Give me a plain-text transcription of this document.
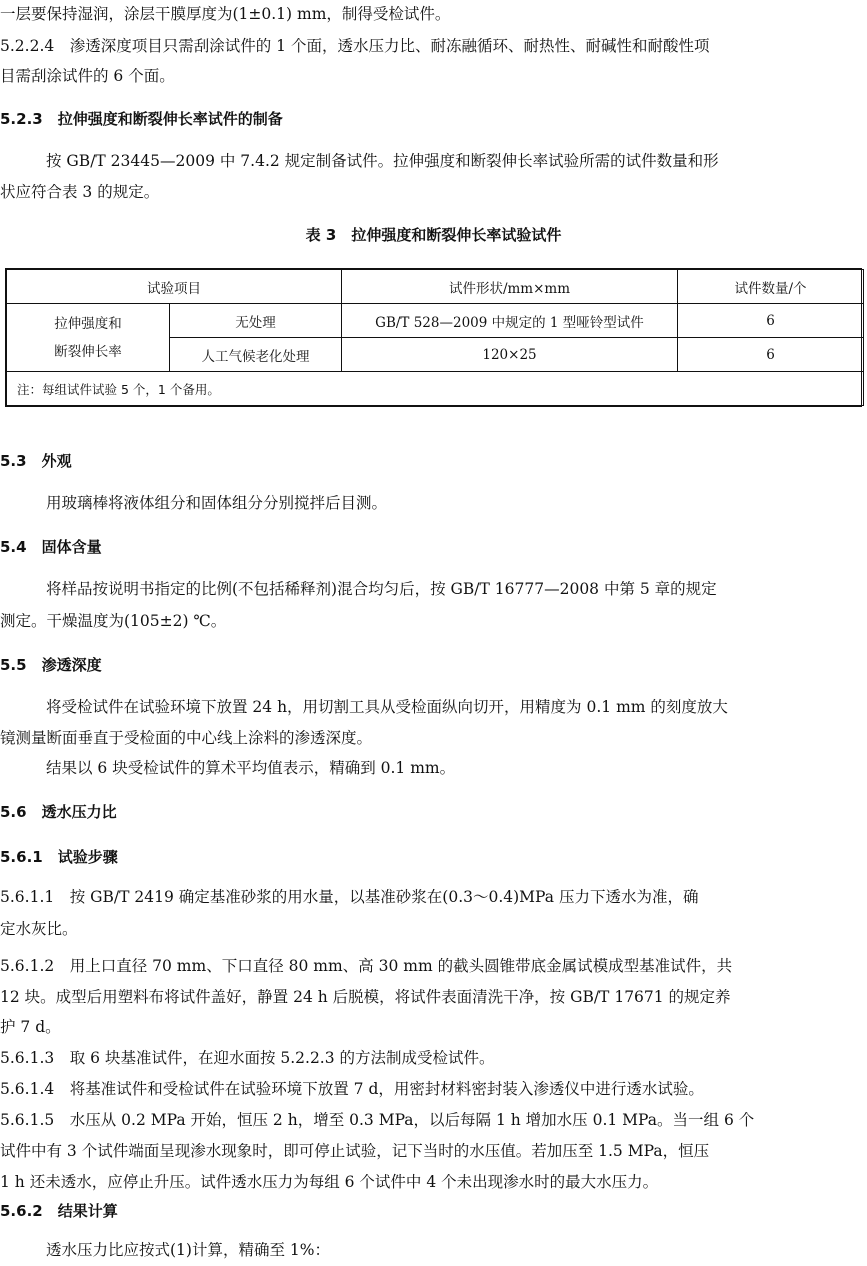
一层要保持湿润，涂层干膜厚度为(1±0.1) mm，制得受检试件。
5.2.2.4　渗透深度项目只需刮涂试件的 1 个面，透水压力比、耐冻融循环、耐热性、耐碱性和耐酸性项
目需刮涂试件的 6 个面。
5.2.3　拉伸强度和断裂伸长率试件的制备
按 GB/T 23445—2009 中 7.4.2 规定制备试件。拉伸强度和断裂伸长率试验所需的试件数量和形
状应符合表 3 的规定。
表 3　拉伸强度和断裂伸长率试验试件
试验项目		试件形状/mm×mm	试件数量/个

拉伸强度和
断裂伸长率	无处理	GB/T 528—2009 中规定的 1 型哑铃型试件	6
	人工气候老化处理	120×25	6
注：每组试件试验 5 个，1 个备用。			
5.3　外观
用玻璃棒将液体组分和固体组分分别搅拌后目测。
5.4　固体含量
将样品按说明书指定的比例(不包括稀释剂)混合均匀后，按 GB/T 16777—2008 中第 5 章的规定
测定。干燥温度为(105±2) ℃。
5.5　渗透深度
将受检试件在试验环境下放置 24 h，用切割工具从受检面纵向切开，用精度为 0.1 mm 的刻度放大
镜测量断面垂直于受检面的中心线上涂料的渗透深度。
结果以 6 块受检试件的算术平均值表示，精确到 0.1 mm。
5.6　透水压力比
5.6.1　试验步骤
5.6.1.1　按 GB/T 2419 确定基准砂浆的用水量，以基准砂浆在(0.3～0.4)MPa 压力下透水为准，确
定水灰比。
5.6.1.2　用上口直径 70 mm、下口直径 80 mm、高 30 mm 的截头圆锥带底金属试模成型基准试件，共
12 块。成型后用塑料布将试件盖好，静置 24 h 后脱模，将试件表面清洗干净，按 GB/T 17671 的规定养
护 7 d。
5.6.1.3　取 6 块基准试件，在迎水面按 5.2.2.3 的方法制成受检试件。
5.6.1.4　将基准试件和受检试件在试验环境下放置 7 d，用密封材料密封装入渗透仪中进行透水试验。
5.6.1.5　水压从 0.2 MPa 开始，恒压 2 h，增至 0.3 MPa，以后每隔 1 h 增加水压 0.1 MPa。当一组 6 个
试件中有 3 个试件端面呈现渗水现象时，即可停止试验，记下当时的水压值。若加压至 1.5 MPa，恒压
1 h 还未透水，应停止升压。试件透水压力为每组 6 个试件中 4 个未出现渗水时的最大水压力。
5.6.2　结果计算
透水压力比应按式(1)计算，精确至 1%：
